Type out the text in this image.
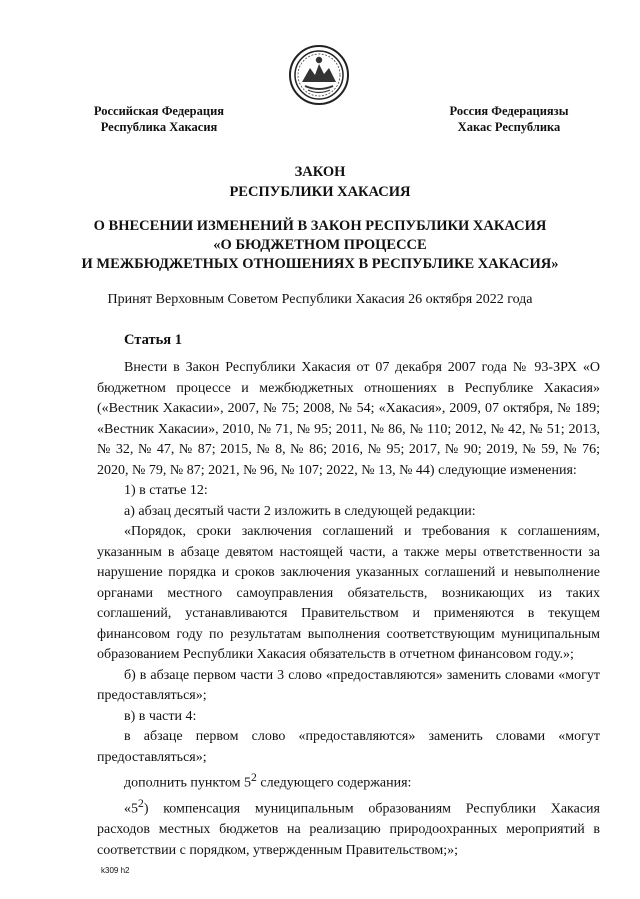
Российская Федерация
Республика Хакасия
Россия Федерациязы
Хакас Республика
ЗАКОН
РЕСПУБЛИКИ ХАКАСИЯ
О ВНЕСЕНИИ ИЗМЕНЕНИЙ В ЗАКОН РЕСПУБЛИКИ ХАКАСИЯ
«О БЮДЖЕТНОМ ПРОЦЕССЕ
И МЕЖБЮДЖЕТНЫХ ОТНОШЕНИЯХ В РЕСПУБЛИКЕ ХАКАСИЯ»
Принят Верховным Советом Республики Хакасия 26 октября 2022 года
Статья 1

Внести в Закон Республики Хакасия от 07 декабря 2007 года № 93-ЗРХ «О бюджетном процессе и межбюджетных отношениях в Республике Хакасия» («Вестник Хакасии», 2007, № 75; 2008, № 54; «Хакасия», 2009, 07 октября, № 189; «Вестник Хакасии», 2010, № 71, № 95; 2011, № 86, № 110; 2012, № 42, № 51; 2013, № 32, № 47, № 87; 2015, № 8, № 86; 2016, № 95; 2017, № 90; 2019, № 59, № 76; 2020, № 79, № 87; 2021, № 96, № 107; 2022, № 13, № 44) следующие изменения:

1) в статье 12:

а) абзац десятый части 2 изложить в следующей редакции:

«Порядок, сроки заключения соглашений и требования к соглашениям, указанным в абзаце девятом настоящей части, а также меры ответственности за нарушение порядка и сроков заключения указанных соглашений и невыполнение органами местного самоуправления обязательств, возникающих из таких соглашений, устанавливаются Правительством и применяются в текущем финансовом году по результатам выполнения соответствующим муниципальным образованием Республики Хакасия обязательств в отчетном финансовом году.»;

б) в абзаце первом части 3 слово «предоставляются» заменить словами «могут предоставляться»;

в) в части 4:

в абзаце первом слово «предоставляются» заменить словами «могут предоставляться»;

дополнить пунктом $5^2$ следующего содержания:

«$5^2$) компенсация муниципальным образованиям Республики Хакасия расходов местных бюджетов на реализацию природоохранных мероприятий в соответствии с порядком, утвержденным Правительством;»;

k309 h2
